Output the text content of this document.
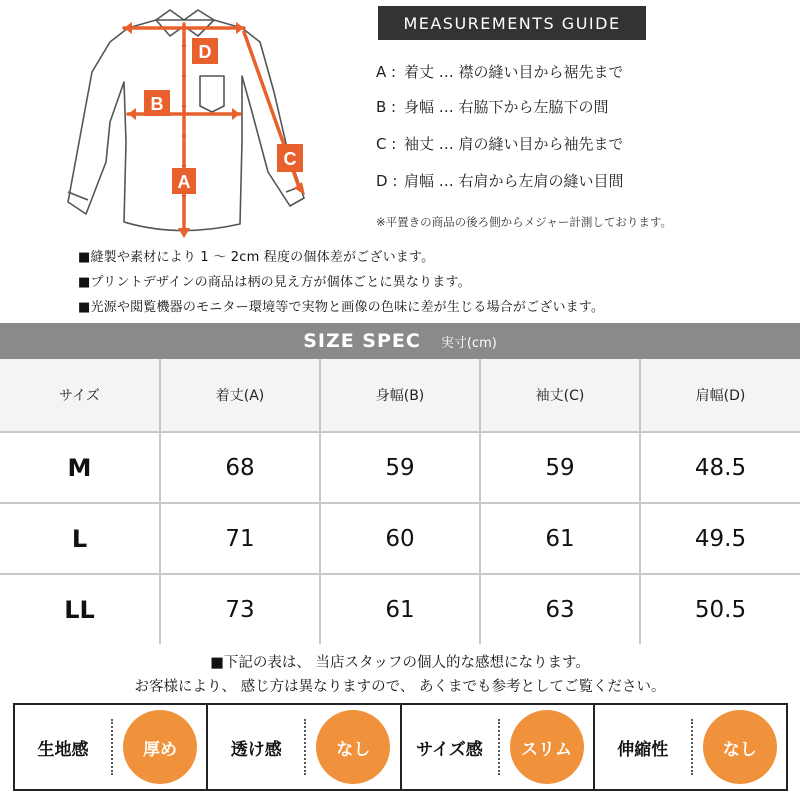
A
B
C
D
MEASUREMENTS GUIDE
A :着丈 … 襟の縫い目から裾先まで
B :身幅 … 右脇下から左脇下の間
C :袖丈 … 肩の縫い目から袖先まで
D :肩幅 … 右肩から左肩の縫い目間
※平置きの商品の後ろ側からメジャー計測しております。
■縫製や素材により 1 〜 2cm 程度の個体差がございます。
■プリントデザインの商品は柄の見え方が個体ごとに異なります。
■光源や閲覧機器のモニター環境等で実物と画像の色味に差が生じる場合がございます。
SIZE SPEC 実寸(cm)
サイズ	着丈(A)	身幅(B)	袖丈(C)	肩幅(D)
M	68	59	59	48.5
L	71	60	61	49.5
LL	73	61	63	50.5
■下記の表は、 当店スタッフの個人的な感想になります。
お客様により、 感じ方は異なりますので、 あくまでも参考としてご覧ください。
生地感	厚め	透け感	なし	サイズ感	スリム	伸縮性	なし
